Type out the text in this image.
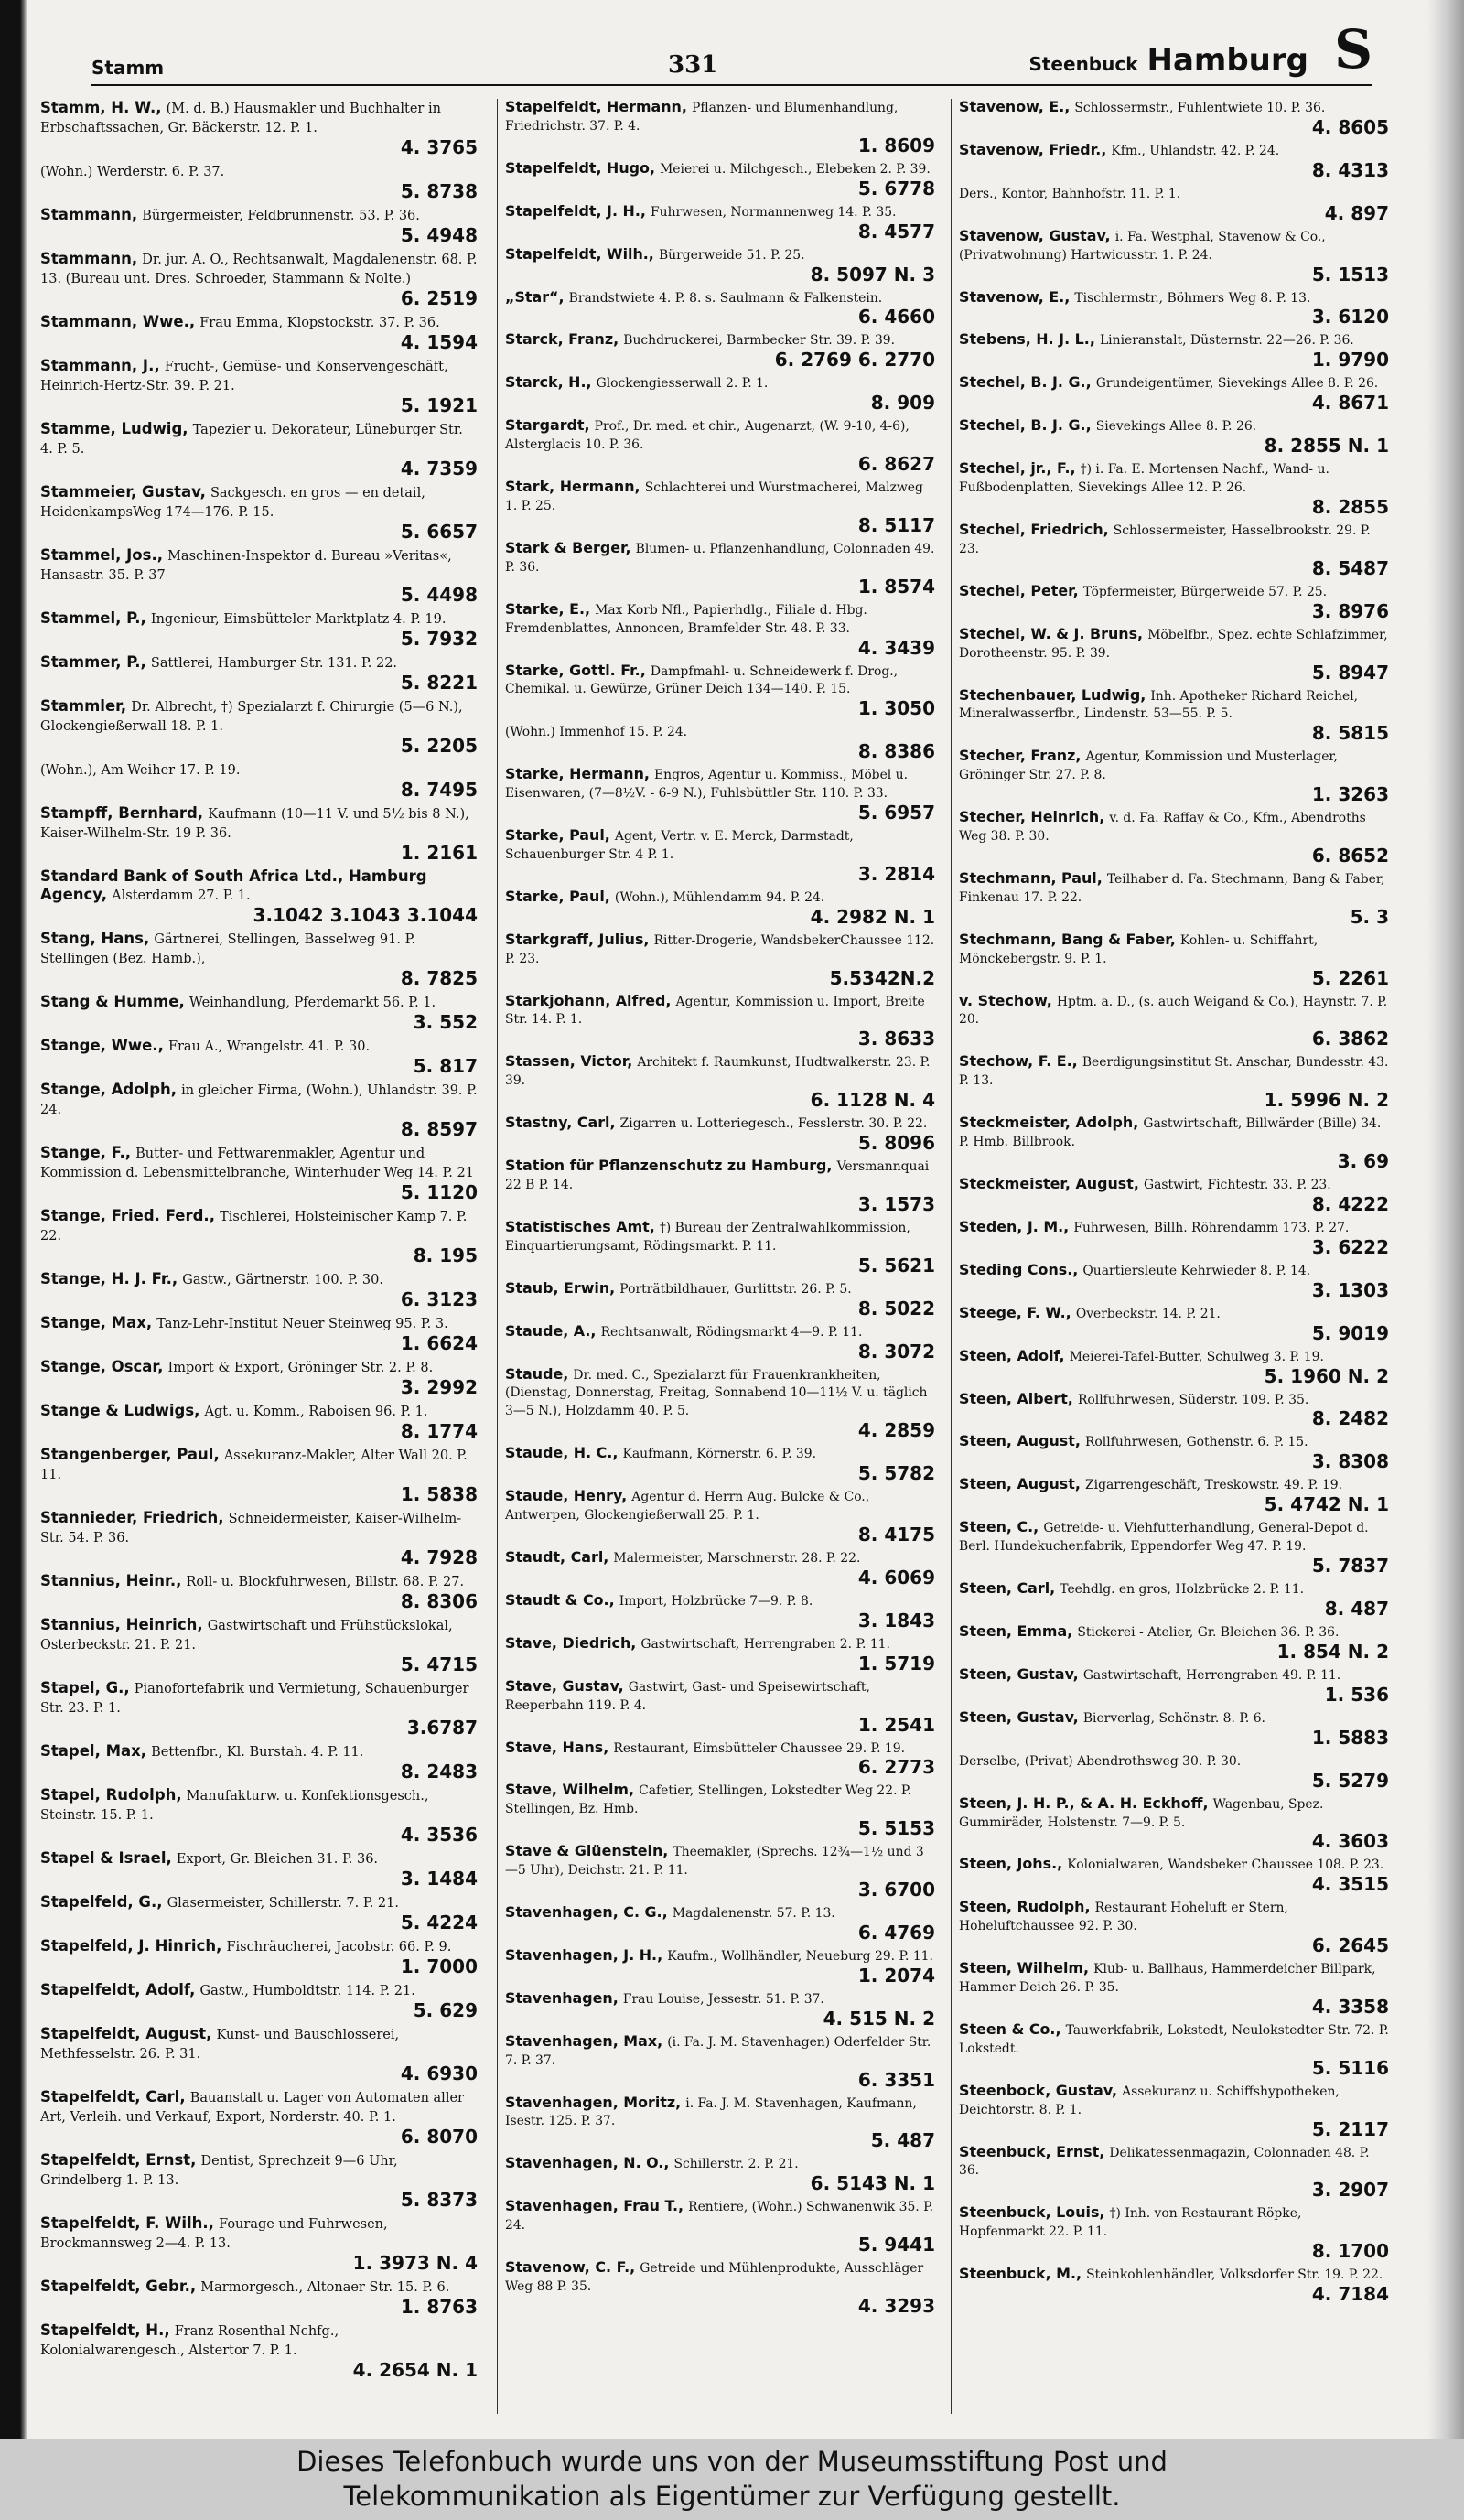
Stamm	331	Steenbuck Hamburg S
Stamm, H. W., (M. d. B.) Hausmakler und Buchhalter in Erbschaftssachen, Gr. Bäckerstr. 12. P. 1.
4. 3765
(Wohn.) Werderstr. 6. P. 37.
5. 8738
Stammann, Bürgermeister, Feldbrunnenstr. 53. P. 36.
5. 4948
Stammann, Dr. jur. A. O., Rechtsanwalt, Magdalenenstr. 68. P. 13. (Bureau unt. Dres. Schroeder, Stammann & Nolte.)
6. 2519
Stammann, Wwe., Frau Emma, Klopstockstr. 37. P. 36.
4. 1594
Stammann, J., Frucht-, Gemüse- und Konservengeschäft, Heinrich-Hertz-Str. 39. P. 21.
5. 1921
Stamme, Ludwig, Tapezier u. Dekorateur, Lüneburger Str. 4. P. 5.
4. 7359
Stammeier, Gustav, Sackgesch. en gros — en detail, HeidenkampsWeg 174—176. P. 15.
5. 6657
Stammel, Jos., Maschinen-Inspektor d. Bureau »Veritas«, Hansastr. 35. P. 37
5. 4498
Stammel, P., Ingenieur, Eimsbütteler Marktplatz 4. P. 19.
5. 7932
Stammer, P., Sattlerei, Hamburger Str. 131. P. 22.
5. 8221
Stammler, Dr. Albrecht, †) Spezialarzt f. Chirurgie (5—6 N.), Glockengießerwall 18. P. 1.
5. 2205
(Wohn.), Am Weiher 17. P. 19.
8. 7495
Stampff, Bernhard, Kaufmann (10—11 V. und 5½ bis 8 N.), Kaiser-Wilhelm-Str. 19 P. 36.
1. 2161
Standard Bank of South Africa Ltd., Hamburg Agency, Alsterdamm 27. P. 1.
3.1042 3.1043 3.1044
Stang, Hans, Gärtnerei, Stellingen, Basselweg 91. P. Stellingen (Bez. Hamb.),
8. 7825
Stang & Humme, Weinhandlung, Pferdemarkt 56. P. 1.
3. 552
Stange, Wwe., Frau A., Wrangelstr. 41. P. 30.
5. 817
Stange, Adolph, in gleicher Firma, (Wohn.), Uhlandstr. 39. P. 24.
8. 8597
Stange, F., Butter- und Fettwarenmakler, Agentur und Kommission d. Lebensmittelbranche, Winterhuder Weg 14. P. 21
5. 1120
Stange, Fried. Ferd., Tischlerei, Holsteinischer Kamp 7. P. 22.
8. 195
Stange, H. J. Fr., Gastw., Gärtnerstr. 100. P. 30.
6. 3123
Stange, Max, Tanz-Lehr-Institut Neuer Steinweg 95. P. 3.
1. 6624
Stange, Oscar, Import & Export, Gröninger Str. 2. P. 8.
3. 2992
Stange & Ludwigs, Agt. u. Komm., Raboisen 96. P. 1.
8. 1774
Stangenberger, Paul, Assekuranz-Makler, Alter Wall 20. P. 11.
1. 5838
Stannieder, Friedrich, Schneidermeister, Kaiser-Wilhelm-Str. 54. P. 36.
4. 7928
Stannius, Heinr., Roll- u. Blockfuhrwesen, Billstr. 68. P. 27.
8. 8306
Stannius, Heinrich, Gastwirtschaft und Frühstückslokal, Osterbeckstr. 21. P. 21.
5. 4715
Stapel, G., Pianofortefabrik und Vermietung, Schauenburger Str. 23. P. 1.
3.6787
Stapel, Max, Bettenfbr., Kl. Burstah. 4. P. 11.
8. 2483
Stapel, Rudolph, Manufakturw. u. Konfektionsgesch., Steinstr. 15. P. 1.
4. 3536
Stapel & Israel, Export, Gr. Bleichen 31. P. 36.
3. 1484
Stapelfeld, G., Glasermeister, Schillerstr. 7. P. 21.
5. 4224
Stapelfeld, J. Hinrich, Fischräucherei, Jacobstr. 66. P. 9.
1. 7000
Stapelfeldt, Adolf, Gastw., Humboldtstr. 114. P. 21.
5. 629
Stapelfeldt, August, Kunst- und Bauschlosserei, Methfesselstr. 26. P. 31.
4. 6930
Stapelfeldt, Carl, Bauanstalt u. Lager von Automaten aller Art, Verleih. und Verkauf, Export, Norderstr. 40. P. 1.
6. 8070
Stapelfeldt, Ernst, Dentist, Sprechzeit 9—6 Uhr, Grindelberg 1. P. 13.
5. 8373
Stapelfeldt, F. Wilh., Fourage und Fuhrwesen, Brockmannsweg 2—4. P. 13.
1. 3973 N. 4
Stapelfeldt, Gebr., Marmorgesch., Altonaer Str. 15. P. 6.
1. 8763
Stapelfeldt, H., Franz Rosenthal Nchfg., Kolonialwarengesch., Alstertor 7. P. 1.
4. 2654 N. 1
Stapelfeldt, Hermann, Pflanzen- und Blumenhandlung, Friedrichstr. 37. P. 4.
1. 8609
Stapelfeldt, Hugo, Meierei u. Milchgesch., Elebeken 2. P. 39.
5. 6778
Stapelfeldt, J. H., Fuhrwesen, Normannenweg 14. P. 35.
8. 4577
Stapelfeldt, Wilh., Bürgerweide 51. P. 25.
8. 5097 N. 3
„Star“, Brandstwiete 4. P. 8. s. Saulmann & Falkenstein.
6. 4660
Starck, Franz, Buchdruckerei, Barmbecker Str. 39. P. 39.
6. 2769 6. 2770
Starck, H., Glockengiesserwall 2. P. 1.
8. 909
Stargardt, Prof., Dr. med. et chir., Augenarzt, (W. 9-10, 4-6), Alsterglacis 10. P. 36.
6. 8627
Stark, Hermann, Schlachterei und Wurstmacherei, Malzweg 1. P. 25.
8. 5117
Stark & Berger, Blumen- u. Pflanzenhandlung, Colonnaden 49. P. 36.
1. 8574
Starke, E., Max Korb Nfl., Papierhdlg., Filiale d. Hbg. Fremdenblattes, Annoncen, Bramfelder Str. 48. P. 33.
4. 3439
Starke, Gottl. Fr., Dampfmahl- u. Schneidewerk f. Drog., Chemikal. u. Gewürze, Grüner Deich 134—140. P. 15.
1. 3050
(Wohn.) Immenhof 15. P. 24.
8. 8386
Starke, Hermann, Engros, Agentur u. Kommiss., Möbel u. Eisenwaren, (7—8½V. - 6-9 N.), Fuhlsbüttler Str. 110. P. 33.
5. 6957
Starke, Paul, Agent, Vertr. v. E. Merck, Darmstadt, Schauenburger Str. 4 P. 1.
3. 2814
Starke, Paul, (Wohn.), Mühlendamm 94. P. 24.
4. 2982 N. 1
Starkgraff, Julius, Ritter-Drogerie, WandsbekerChaussee 112. P. 23.
5.5342N.2
Starkjohann, Alfred, Agentur, Kommission u. Import, Breite Str. 14. P. 1.
3. 8633
Stassen, Victor, Architekt f. Raumkunst, Hudtwalkerstr. 23. P. 39.
6. 1128 N. 4
Stastny, Carl, Zigarren u. Lotteriegesch., Fesslerstr. 30. P. 22.
5. 8096
Station für Pflanzenschutz zu Hamburg, Versmannquai 22 B P. 14.
3. 1573
Statistisches Amt, †) Bureau der Zentralwahlkommission, Einquartierungsamt, Rödingsmarkt. P. 11.
5. 5621
Staub, Erwin, Porträtbildhauer, Gurlittstr. 26. P. 5.
8. 5022
Staude, A., Rechtsanwalt, Rödingsmarkt 4—9. P. 11.
8. 3072
Staude, Dr. med. C., Spezialarzt für Frauenkrankheiten, (Dienstag, Donnerstag, Freitag, Sonnabend 10—11½ V. u. täglich 3—5 N.), Holzdamm 40. P. 5.
4. 2859
Staude, H. C., Kaufmann, Körnerstr. 6. P. 39.
5. 5782
Staude, Henry, Agentur d. Herrn Aug. Bulcke & Co., Antwerpen, Glockengießerwall 25. P. 1.
8. 4175
Staudt, Carl, Malermeister, Marschnerstr. 28. P. 22.
4. 6069
Staudt & Co., Import, Holzbrücke 7—9. P. 8.
3. 1843
Stave, Diedrich, Gastwirtschaft, Herrengraben 2. P. 11.
1. 5719
Stave, Gustav, Gastwirt, Gast- und Speisewirtschaft, Reeperbahn 119. P. 4.
1. 2541
Stave, Hans, Restaurant, Eimsbütteler Chaussee 29. P. 19.
6. 2773
Stave, Wilhelm, Cafetier, Stellingen, Lokstedter Weg 22. P. Stellingen, Bz. Hmb.
5. 5153
Stave & Glüenstein, Theemakler, (Sprechs. 12¾—1½ und 3—5 Uhr), Deichstr. 21. P. 11.
3. 6700
Stavenhagen, C. G., Magdalenenstr. 57. P. 13.
6. 4769
Stavenhagen, J. H., Kaufm., Wollhändler, Neueburg 29. P. 11.
1. 2074
Stavenhagen, Frau Louise, Jessestr. 51. P. 37.
4. 515 N. 2
Stavenhagen, Max, (i. Fa. J. M. Stavenhagen) Oderfelder Str. 7. P. 37.
6. 3351
Stavenhagen, Moritz, i. Fa. J. M. Stavenhagen, Kaufmann, Isestr. 125. P. 37.
5. 487
Stavenhagen, N. O., Schillerstr. 2. P. 21.
6. 5143 N. 1
Stavenhagen, Frau T., Rentiere, (Wohn.) Schwanenwik 35. P. 24.
5. 9441
Stavenow, C. F., Getreide und Mühlenprodukte, Ausschläger Weg 88 P. 35.
4. 3293
Stavenow, E., Schlossermstr., Fuhlentwiete 10. P. 36.
4. 8605
Stavenow, Friedr., Kfm., Uhlandstr. 42. P. 24.
8. 4313
Ders., Kontor, Bahnhofstr. 11. P. 1.
4. 897
Stavenow, Gustav, i. Fa. Westphal, Stavenow & Co., (Privatwohnung) Hartwicusstr. 1. P. 24.
5. 1513
Stavenow, E., Tischlermstr., Böhmers Weg 8. P. 13.
3. 6120
Stebens, H. J. L., Linieranstalt, Düsternstr. 22—26. P. 36.
1. 9790
Stechel, B. J. G., Grundeigentümer, Sievekings Allee 8. P. 26.
4. 8671
Stechel, B. J. G., Sievekings Allee 8. P. 26.
8. 2855 N. 1
Stechel, jr., F., †) i. Fa. E. Mortensen Nachf., Wand- u. Fußbodenplatten, Sievekings Allee 12. P. 26.
8. 2855
Stechel, Friedrich, Schlossermeister, Hasselbrookstr. 29. P. 23.
8. 5487
Stechel, Peter, Töpfermeister, Bürgerweide 57. P. 25.
3. 8976
Stechel, W. & J. Bruns, Möbelfbr., Spez. echte Schlafzimmer, Dorotheenstr. 95. P. 39.
5. 8947
Stechenbauer, Ludwig, Inh. Apotheker Richard Reichel, Mineralwasserfbr., Lindenstr. 53—55. P. 5.
8. 5815
Stecher, Franz, Agentur, Kommission und Musterlager, Gröninger Str. 27. P. 8.
1. 3263
Stecher, Heinrich, v. d. Fa. Raffay & Co., Kfm., Abendroths Weg 38. P. 30.
6. 8652
Stechmann, Paul, Teilhaber d. Fa. Stechmann, Bang & Faber, Finkenau 17. P. 22.
5. 3
Stechmann, Bang & Faber, Kohlen- u. Schiffahrt, Mönckebergstr. 9. P. 1.
5. 2261
v. Stechow, Hptm. a. D., (s. auch Weigand & Co.), Haynstr. 7. P. 20.
6. 3862
Stechow, F. E., Beerdigungsinstitut St. Anschar, Bundesstr. 43. P. 13.
1. 5996 N. 2
Steckmeister, Adolph, Gastwirtschaft, Billwärder (Bille) 34. P. Hmb. Billbrook.
3. 69
Steckmeister, August, Gastwirt, Fichtestr. 33. P. 23.
8. 4222
Steden, J. M., Fuhrwesen, Billh. Röhrendamm 173. P. 27.
3. 6222
Steding Cons., Quartiersleute Kehrwieder 8. P. 14.
3. 1303
Steege, F. W., Overbeckstr. 14. P. 21.
5. 9019
Steen, Adolf, Meierei-Tafel-Butter, Schulweg 3. P. 19.
5. 1960 N. 2
Steen, Albert, Rollfuhrwesen, Süderstr. 109. P. 35.
8. 2482
Steen, August, Rollfuhrwesen, Gothenstr. 6. P. 15.
3. 8308
Steen, August, Zigarrengeschäft, Treskowstr. 49. P. 19.
5. 4742 N. 1
Steen, C., Getreide- u. Viehfutterhandlung, General-Depot d. Berl. Hundekuchenfabrik, Eppendorfer Weg 47. P. 19.
5. 7837
Steen, Carl, Teehdlg. en gros, Holzbrücke 2. P. 11.
8. 487
Steen, Emma, Stickerei - Atelier, Gr. Bleichen 36. P. 36.
1. 854 N. 2
Steen, Gustav, Gastwirtschaft, Herrengraben 49. P. 11.
1. 536
Steen, Gustav, Bierverlag, Schönstr. 8. P. 6.
1. 5883
Derselbe, (Privat) Abendrothsweg 30. P. 30.
5. 5279
Steen, J. H. P., & A. H. Eckhoff, Wagenbau, Spez. Gummiräder, Holstenstr. 7—9. P. 5.
4. 3603
Steen, Johs., Kolonialwaren, Wandsbeker Chaussee 108. P. 23.
4. 3515
Steen, Rudolph, Restaurant Hoheluft er Stern, Hoheluftchaussee 92. P. 30.
6. 2645
Steen, Wilhelm, Klub- u. Ballhaus, Hammerdeicher Billpark, Hammer Deich 26. P. 35.
4. 3358
Steen & Co., Tauwerkfabrik, Lokstedt, Neulokstedter Str. 72. P. Lokstedt.
5. 5116
Steenbock, Gustav, Assekuranz u. Schiffshypotheken, Deichtorstr. 8. P. 1.
5. 2117
Steenbuck, Ernst, Delikatessenmagazin, Colonnaden 48. P. 36.
3. 2907
Steenbuck, Louis, †) Inh. von Restaurant Röpke, Hopfenmarkt 22. P. 11.
8. 1700
Steenbuck, M., Steinkohlenhändler, Volksdorfer Str. 19. P. 22.
4. 7184
Dieses Telefonbuch wurde uns von der Museumsstiftung Post und
Telekommunikation als Eigentümer zur Verfügung gestellt.
